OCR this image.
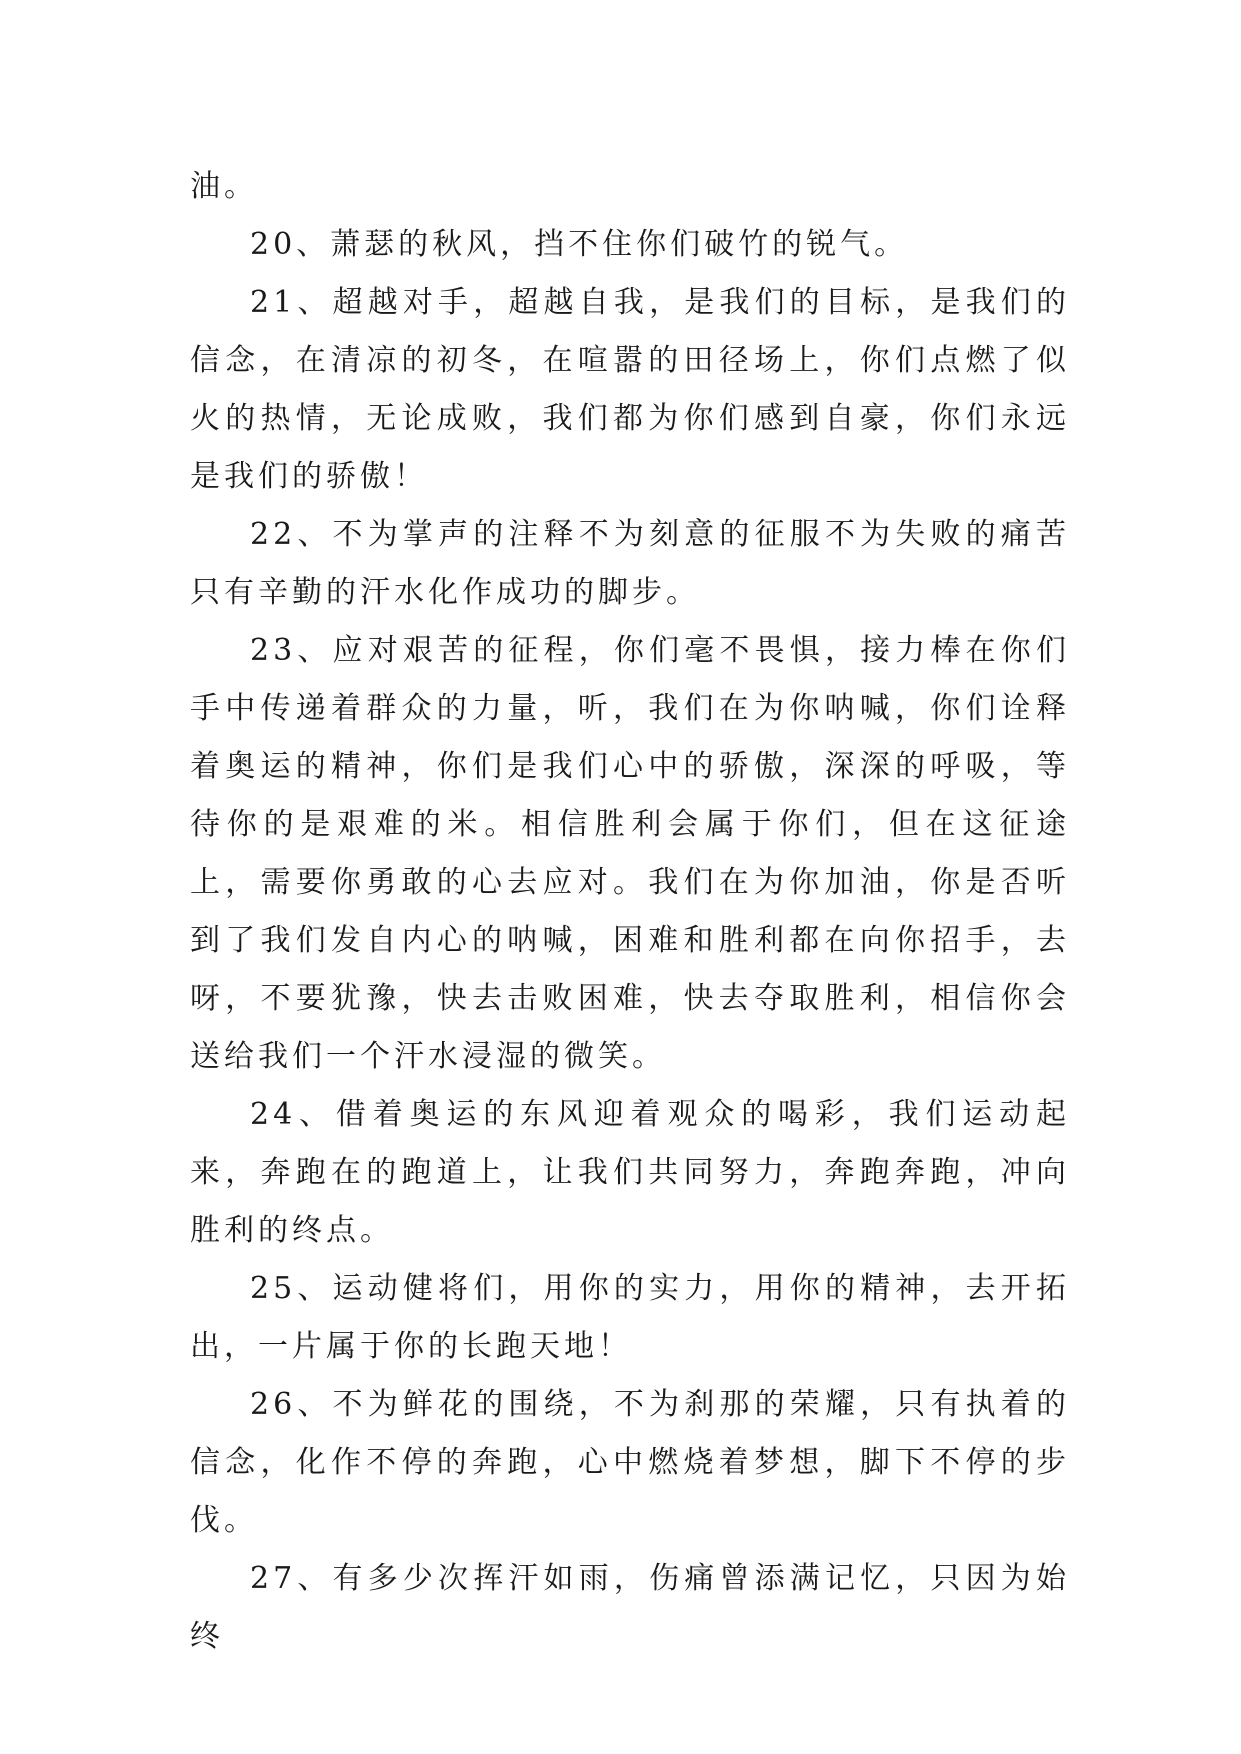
油。

20、萧瑟的秋风，挡不住你们破竹的锐气。

21、超越对手，超越自我，是我们的目标，是我们的信念，在清凉的初冬，在喧嚣的田径场上，你们点燃了似火的热情，无论成败，我们都为你们感到自豪，你们永远是我们的骄傲！

22、不为掌声的注释不为刻意的征服不为失败的痛苦只有辛勤的汗水化作成功的脚步。

23、应对艰苦的征程，你们毫不畏惧，接力棒在你们手中传递着群众的力量，听，我们在为你呐喊，你们诠释着奥运的精神，你们是我们心中的骄傲，深深的呼吸，等待你的是艰难的米。相信胜利会属于你们，但在这征途上，需要你勇敢的心去应对。我们在为你加油，你是否听到了我们发自内心的呐喊，困难和胜利都在向你招手，去呀，不要犹豫，快去击败困难，快去夺取胜利，相信你会送给我们一个汗水浸湿的微笑。

24、借着奥运的东风迎着观众的喝彩，我们运动起来，奔跑在的跑道上，让我们共同努力，奔跑奔跑，冲向胜利的终点。

25、运动健将们，用你的实力，用你的精神，去开拓出，一片属于你的长跑天地！

26、不为鲜花的围绕，不为刹那的荣耀，只有执着的信念，化作不停的奔跑，心中燃烧着梦想，脚下不停的步伐。

27、有多少次挥汗如雨，伤痛曾添满记忆，只因为始终
